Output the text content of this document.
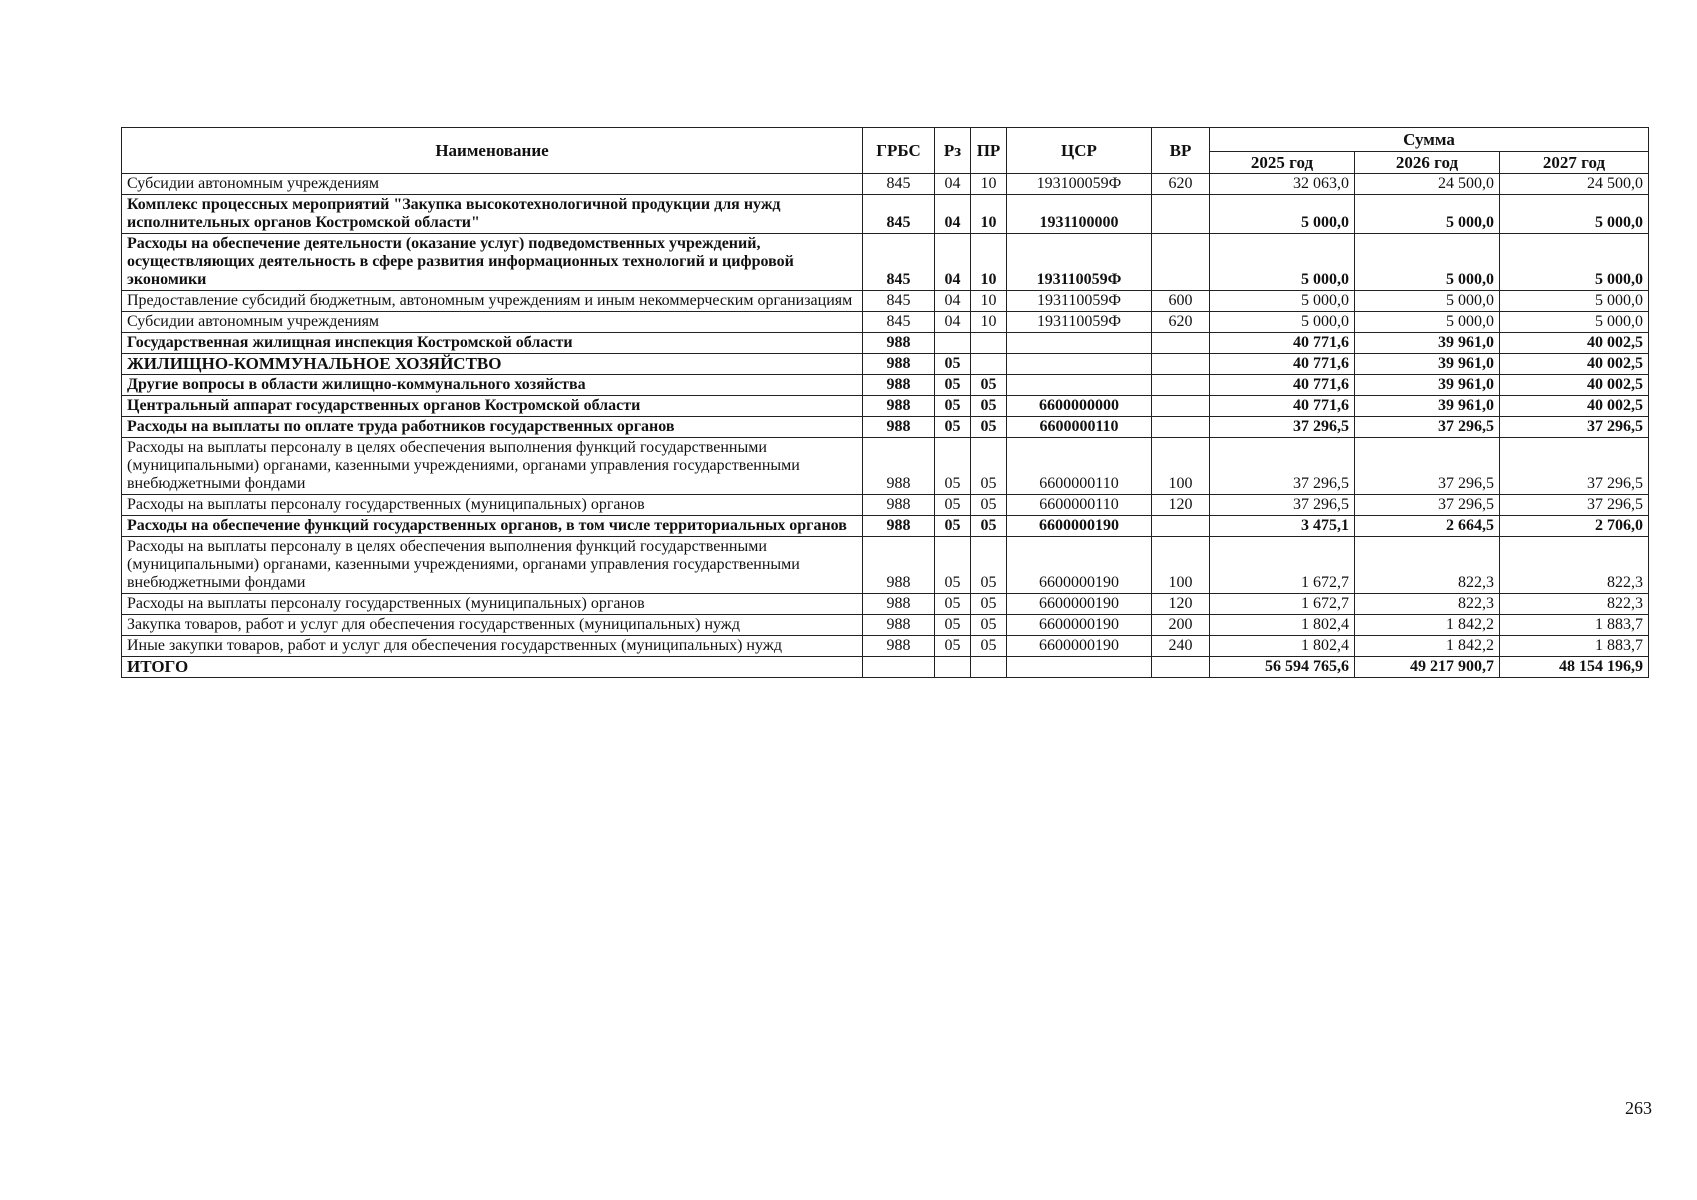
Наименование	ГРБС	Рз	ПР	ЦСР	ВР	Сумма		
						2025 год	2026 год	2027 год
Субсидии автономным учреждениям	845	04	10	193100059Ф	620	32 063,0	24 500,0	24 500,0
Комплекс процессных мероприятий "Закупка высокотехнологичной продукции для нужд исполнительных органов Костромской области"	845	04	10	1931100000		5 000,0	5 000,0	5 000,0
Расходы на обеспечение деятельности (оказание услуг) подведомственных учреждений, осуществляющих деятельность в сфере развития информационных технологий и цифровой экономики	845	04	10	193110059Ф		5 000,0	5 000,0	5 000,0
Предоставление субсидий бюджетным, автономным учреждениям и иным некоммерческим организациям	845	04	10	193110059Ф	600	5 000,0	5 000,0	5 000,0
Субсидии автономным учреждениям	845	04	10	193110059Ф	620	5 000,0	5 000,0	5 000,0
Государственная жилищная инспекция Костромской области	988					40 771,6	39 961,0	40 002,5
ЖИЛИЩНО-КОММУНАЛЬНОЕ ХОЗЯЙСТВО	988	05				40 771,6	39 961,0	40 002,5
Другие вопросы в области жилищно-коммунального хозяйства	988	05	05			40 771,6	39 961,0	40 002,5
Центральный аппарат государственных органов Костромской области	988	05	05	6600000000		40 771,6	39 961,0	40 002,5
Расходы на выплаты по оплате труда работников государственных органов	988	05	05	6600000110		37 296,5	37 296,5	37 296,5
Расходы на выплаты персоналу в целях обеспечения выполнения функций государственными (муниципальными) органами, казенными учреждениями, органами управления государственными внебюджетными фондами	988	05	05	6600000110	100	37 296,5	37 296,5	37 296,5
Расходы на выплаты персоналу государственных (муниципальных) органов	988	05	05	6600000110	120	37 296,5	37 296,5	37 296,5
Расходы на обеспечение функций государственных органов, в том числе территориальных органов	988	05	05	6600000190		3 475,1	2 664,5	2 706,0
Расходы на выплаты персоналу в целях обеспечения выполнения функций государственными (муниципальными) органами, казенными учреждениями, органами управления государственными внебюджетными фондами	988	05	05	6600000190	100	1 672,7	822,3	822,3
Расходы на выплаты персоналу государственных (муниципальных) органов	988	05	05	6600000190	120	1 672,7	822,3	822,3
Закупка товаров, работ и услуг для обеспечения государственных (муниципальных) нужд	988	05	05	6600000190	200	1 802,4	1 842,2	1 883,7
Иные закупки товаров, работ и услуг для обеспечения государственных (муниципальных) нужд	988	05	05	6600000190	240	1 802,4	1 842,2	1 883,7
ИТОГО						56 594 765,6	49 217 900,7	48 154 196,9
263
